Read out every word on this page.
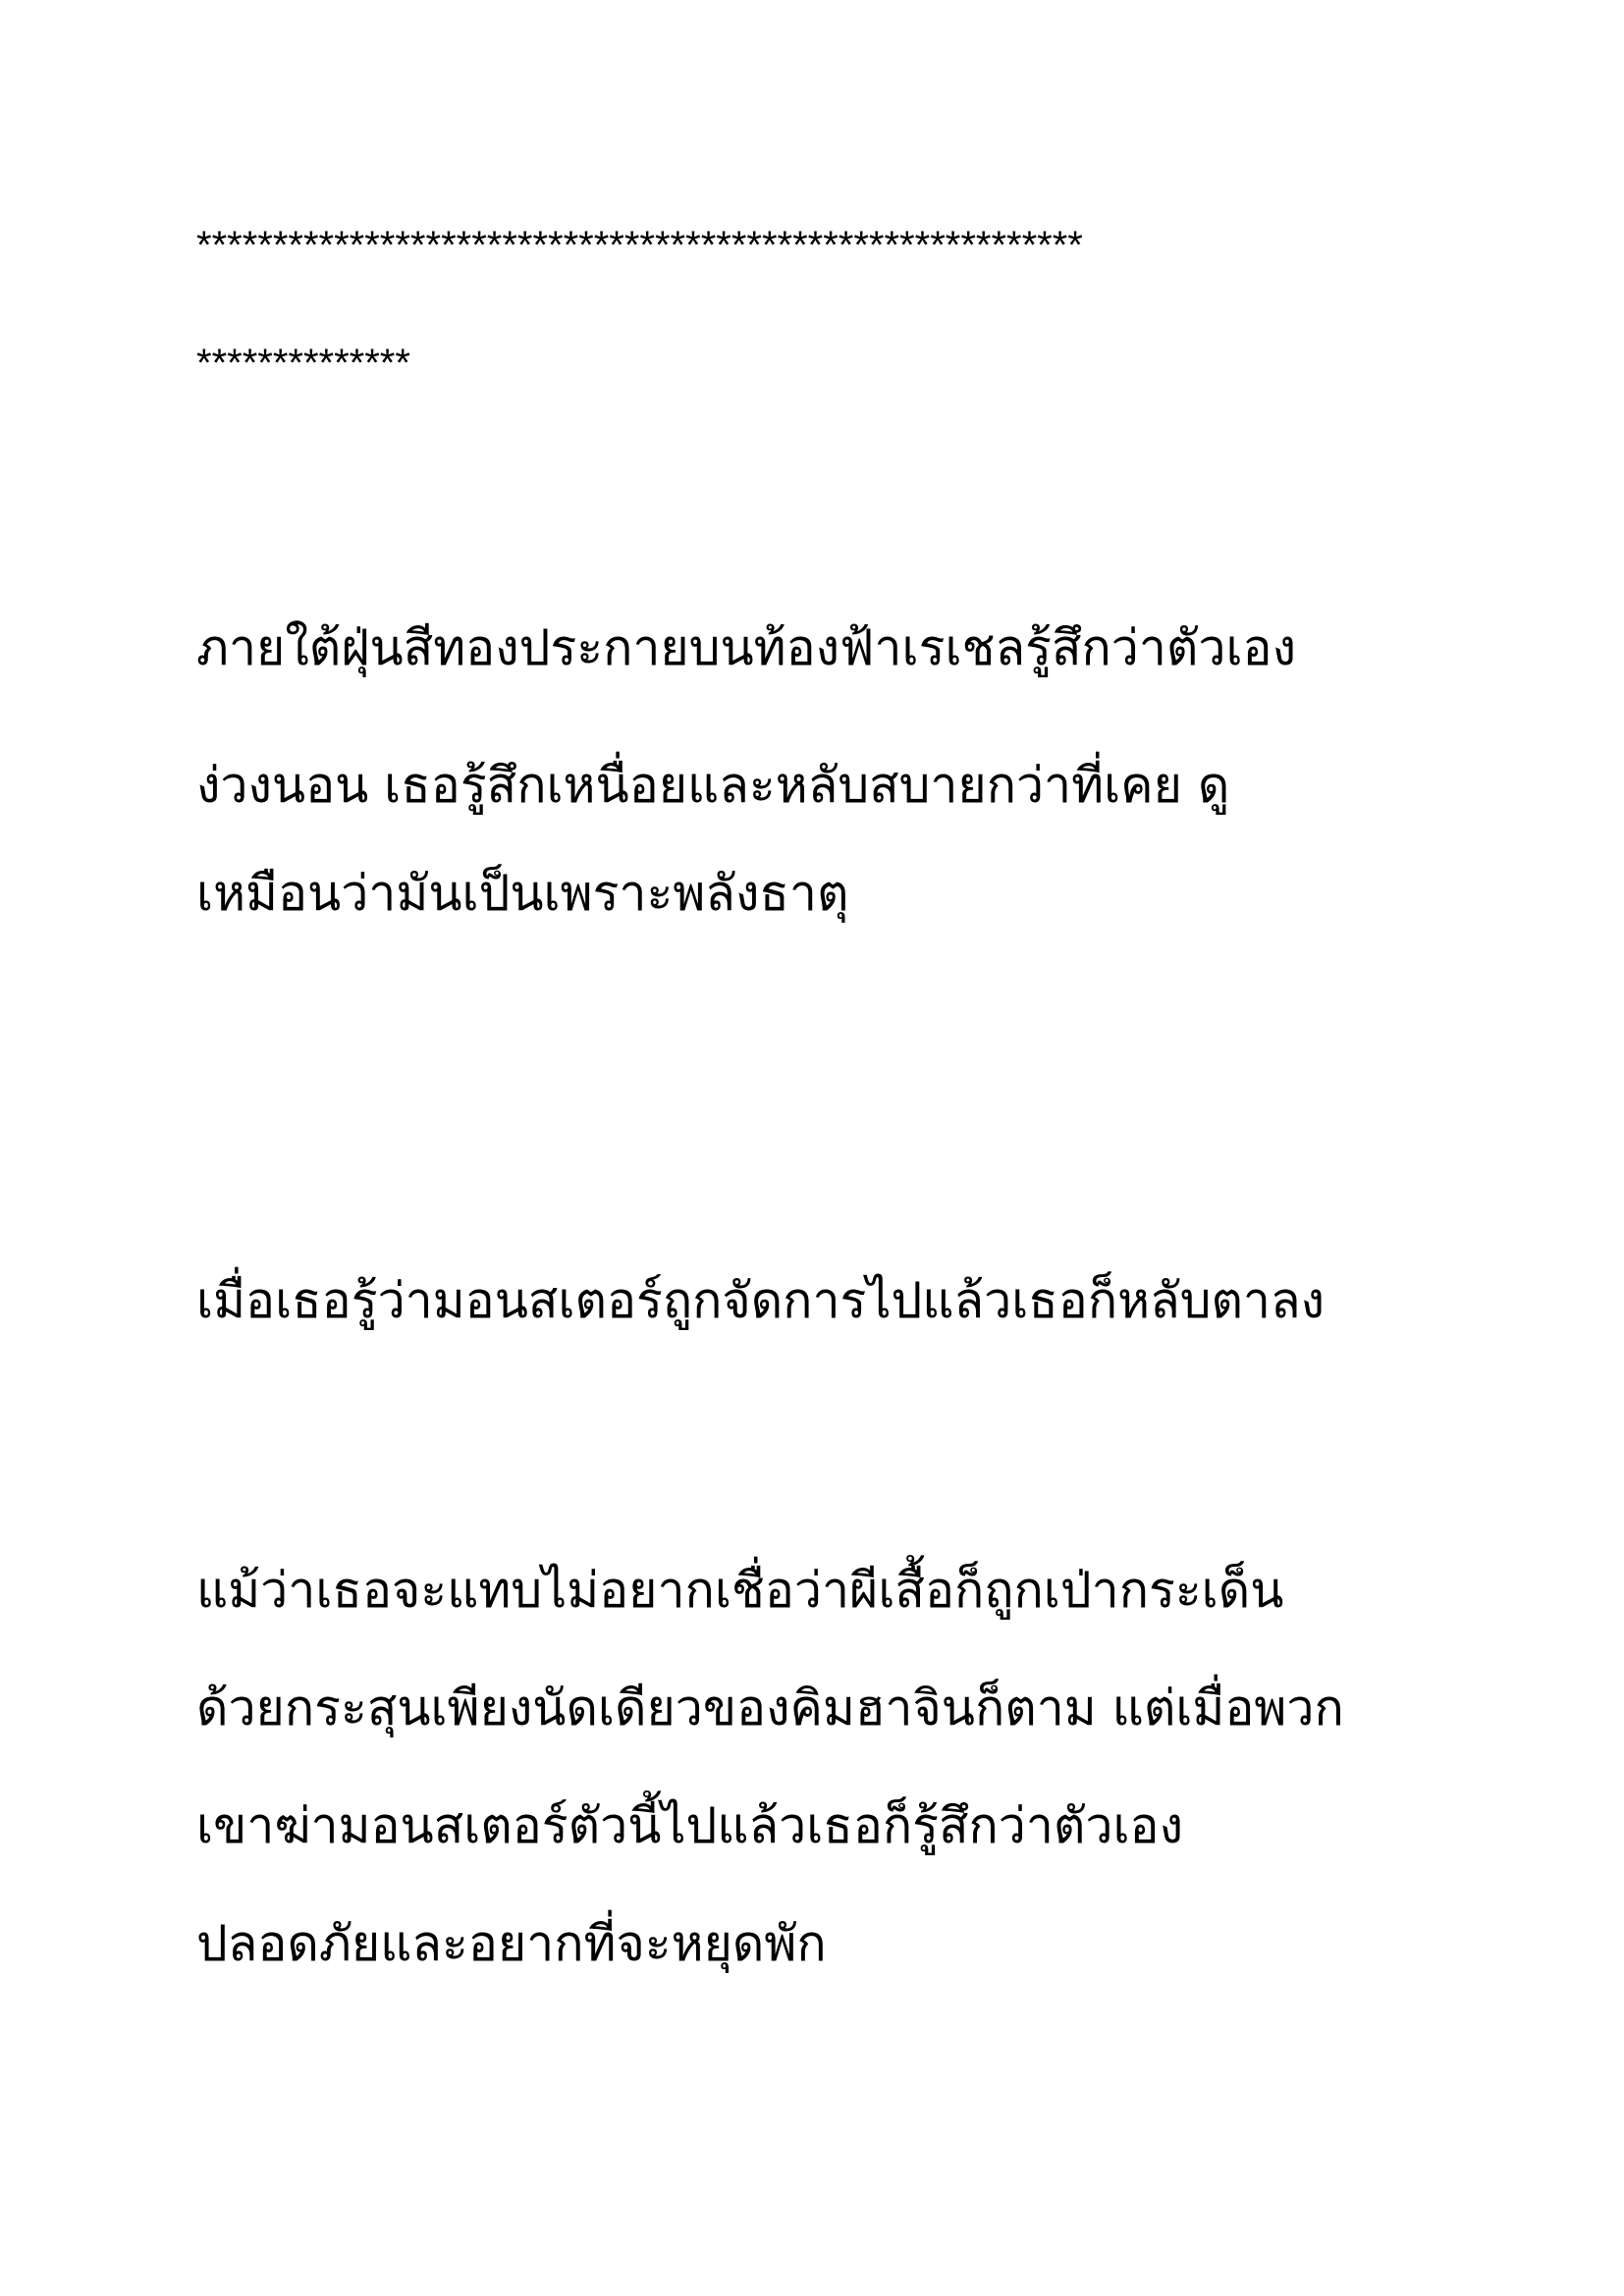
**********************************************************
**************
ภายใต้ฝุ่นสีทองประกายบนท้องฟ้าเรเชลรู้สึกว่าตัวเอง
ง่วงนอน เธอรู้สึกเหนื่อยและหลับสบายกว่าที่เคย ดู
เหมือนว่ามันเป็นเพราะพลังธาตุ
เมื่อเธอรู้ว่ามอนสเตอร์ถูกจัดการไปแล้วเธอก็หลับตาลง
แม้ว่าเธอจะแทบไม่อยากเชื่อว่าผีเสื้อก็ถูกเป่ากระเด็น
ด้วยกระสุนเพียงนัดเดียวของคิมฮาจินก็ตาม แต่เมื่อพวก
เขาฆ่ามอนสเตอร์ตัวนี้ไปแล้วเธอก็รู้สึกว่าตัวเอง
ปลอดภัยและอยากที่จะหยุดพัก
